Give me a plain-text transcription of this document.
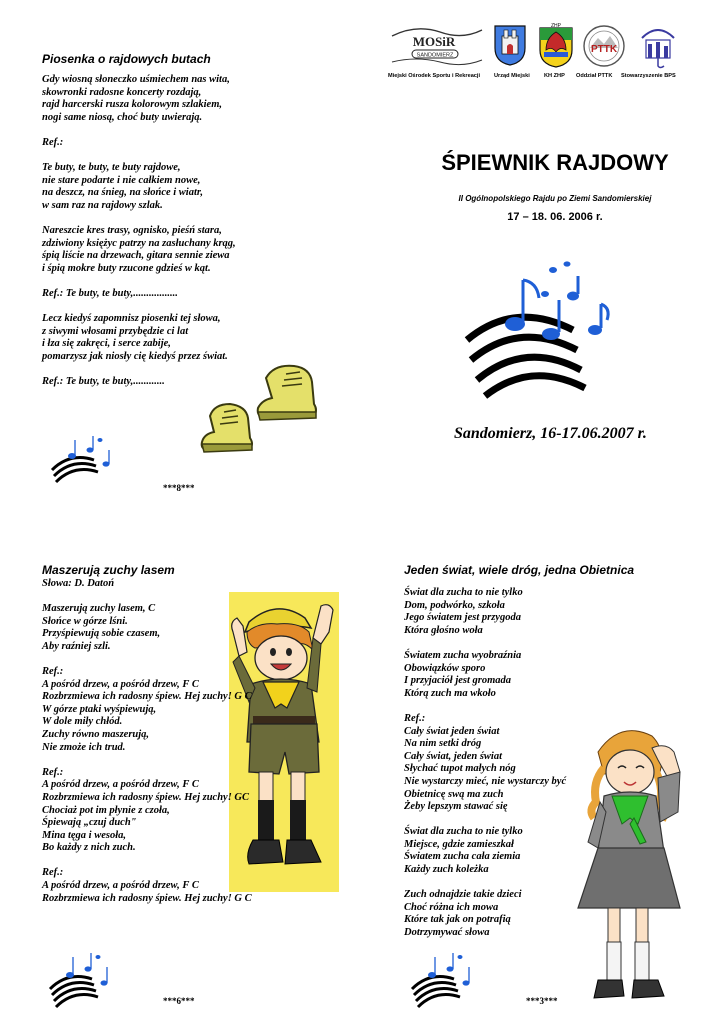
Piosenka o rajdowych butach
Gdy wiosną słoneczko uśmiechem nas wita,
skowronki radosne koncerty rozdają,
rajd harcerski rusza kolorowym szlakiem,
nogi same niosą, choć buty uwierają.
Ref.:
Te buty, te buty, te buty rajdowe,
nie stare podarte i nie całkiem nowe,
na deszcz, na śnieg, na słońce i wiatr,
w sam raz na rajdowy szlak.
Nareszcie kres trasy, ognisko, pieśń stara,
zdziwiony księżyc patrzy na zasłuchany krąg,
śpią liście na drzewach, gitara sennie ziewa
i śpią mokre buty rzucone gdzieś w kąt.
Ref.: Te buty, te buty,.................
Lecz kiedyś zapomnisz piosenki tej słowa,
z siwymi włosami przybędzie ci lat
i łza się zakręci, i serce zabije,
pomarzysz jak niosły cię kiedyś przez świat.
Ref.: Te buty, te buty,............
***8***
MOSiR
SANDOMIERZ
ZHP
PTTK
Miejski Ośrodek Sportu i Rekreacji Urząd Miejski	KH ZHP Oddział PTTK Stowarzyszenie BPS
ŚPIEWNIK RAJDOWY
II Ogólnopolskiego Rajdu po Ziemi Sandomierskiej
17 – 18. 06. 2006 r.
Sandomierz, 16-17.06.2007 r.
Maszerują zuchy lasem
Słowa: D. Datoń
Maszerują zuchy lasem, C
Słońce w górze lśni.
Przyśpiewują sobie czasem,
Aby raźniej szli.
Ref.:
A pośród drzew, a pośród drzew, F C
Rozbrzmiewa ich radosny śpiew. Hej zuchy! G C
W górze ptaki wyśpiewują,
W dole miły chłód.
Zuchy równo maszerują,
Nie zmoże ich trud.
Ref.:
A pośród drzew, a pośród drzew, F C
Rozbrzmiewa ich radosny śpiew. Hej zuchy! GC
Chociaż pot im płynie z czoła,
Śpiewają „czuj duch"
Mina tęga i wesoła,
Bo każdy z nich zuch.
Ref.:
A pośród drzew, a pośród drzew, F C
Rozbrzmiewa ich radosny śpiew. Hej zuchy! G C
***6***
Jeden świat, wiele dróg, jedna Obietnica
Świat dla zucha to nie tylko
Dom, podwórko, szkoła
Jego światem jest przygoda
Która głośno woła
Światem zucha wyobraźnia
Obowiązków sporo
I przyjaciół jest gromada
Którą zuch ma wkoło
Ref.:
Cały świat jeden świat
Na nim setki dróg
Cały świat, jeden świat
Słychać tupot małych nóg
Nie wystarczy mieć, nie wystarczy być
Obietnicę swą ma zuch
Żeby lepszym stawać się
Świat dla zucha to nie tylko
Miejsce, gdzie zamieszkał
Światem zucha cała ziemia
Każdy zuch koleżka
Zuch odnajdzie takie dzieci
Choć różna ich mowa
Które tak jak on potrafią
Dotrzymywać słowa
***3***
